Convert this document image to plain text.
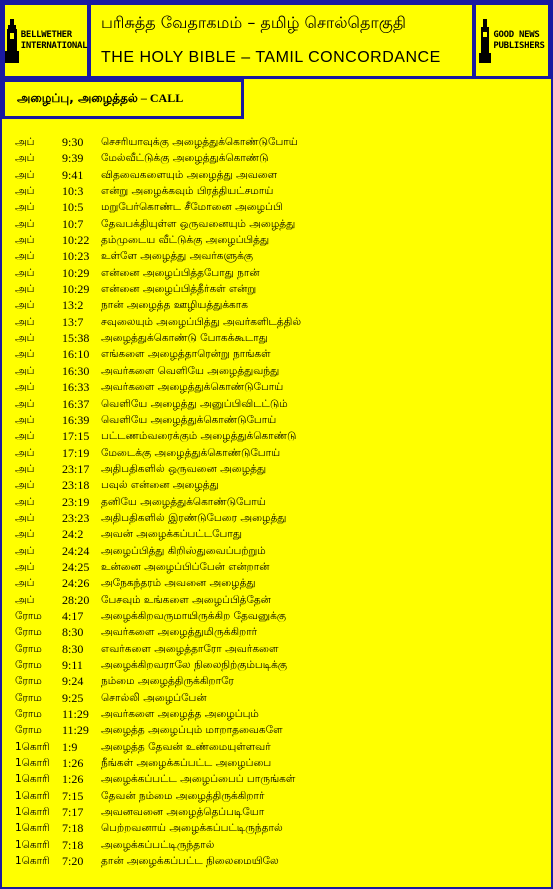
BELLWETHER
INTERNATIONAL
பரிசுத்த வேதாகமம் – தமிழ் சொல்தொகுதி
THE HOLY BIBLE – TAMIL CONCORDANCE
GOOD NEWS
PUBLISHERS
அழைப்பு, அழைத்தல் – CALL
அப் 9:30 செசரியாவுக்கு அழைத்துக்கொண்டுபோய்
அப் 9:39 மேல்வீட்டுக்கு அழைத்துக்கொண்டு
அப் 9:41 விதவைகளையும் அழைத்து அவளை
அப் 10:3 என்று அழைக்கவும் பிரத்தியட்சமாய்
அப் 10:5 மறுபேர்கொண்ட சீமோனை அழைப்பி
அப் 10:7 தேவபக்தியுள்ள ஒருவனையும் அழைத்து
அப் 10:22 தம்முடைய வீட்டுக்கு அழைப்பித்து
அப் 10:23 உள்ளே அழைத்து அவர்களுக்கு
அப் 10:29 என்னை அழைப்பித்தபோது நான்
அப் 10:29 என்னை அழைப்பித்தீர்கள் என்று
அப் 13:2 நான் அழைத்த ஊழியத்துக்காக
அப் 13:7 சவுலையும் அழைப்பித்து அவர்களிடத்தில்
அப் 15:38 அழைத்துக்கொண்டு போகக்கூடாது
அப் 16:10 எங்களை அழைத்தாரென்று நாங்கள்
அப் 16:30 அவர்களை வெளியே அழைத்துவந்து
அப் 16:33 அவர்களை அழைத்துக்கொண்டுபோய்
அப் 16:37 வெளியே அழைத்து அனுப்பிவிடட்டும்
அப் 16:39 வெளியே அழைத்துக்கொண்டுபோய்
அப் 17:15 பட்டணம்வரைக்கும் அழைத்துக்கொண்டு
அப் 17:19 மேடைக்கு அழைத்துக்கொண்டுபோய்
அப் 23:17 அதிபதிகளில் ஒருவனை அழைத்து
அப் 23:18 பவுல் என்னை அழைத்து
அப் 23:19 தனியே அழைத்துக்கொண்டுபோய்
அப் 23:23 அதிபதிகளில் இரண்டுபேரை அழைத்து
அப் 24:2 அவன் அழைக்கப்பட்டபோது
அப் 24:24 அழைப்பித்து கிறிஸ்துவைப்பற்றும்
அப் 24:25 உன்னை அழைப்பிப்பேன் என்றான்
அப் 24:26 அநேகந்தரம் அவனை அழைத்து
அப் 28:20 பேசவும் உங்களை அழைப்பித்தேன்
ரோம 4:17 அழைக்கிறவருமாயிருக்கிற தேவனுக்கு
ரோம 8:30 அவர்களை அழைத்துமிருக்கிறார்
ரோம 8:30 எவர்களை அழைத்தாரோ அவர்களை
ரோம 9:11 அழைக்கிறவராலே நிலைநிற்கும்படிக்கு
ரோம 9:24 நம்மை அழைத்திருக்கிறாரே
ரோம 9:25 சொல்லி அழைப்பேன்
ரோம 11:29 அவர்களை அழைத்த அழைப்பும்
ரோம 11:29 அழைத்த அழைப்பும் மாறாதவைகளே
1கொரி 1:9 அழைத்த தேவன் உண்மையுள்ளவர்
1கொரி 1:26 நீங்கள் அழைக்கப்பட்ட அழைப்பை
1கொரி 1:26 அழைக்கப்பட்ட அழைப்பைப் பாருங்கள்
1கொரி 7:15 தேவன் நம்மை அழைத்திருக்கிறார்
1கொரி 7:17 அவனவனை அழைத்தெப்படியோ
1கொரி 7:18 பெற்றவனாய் அழைக்கப்பட்டிருந்தால்
1கொரி 7:18 அழைக்கப்பட்டிருந்தால்
1கொரி 7:20 தான் அழைக்கப்பட்ட நிலைமையிலே
